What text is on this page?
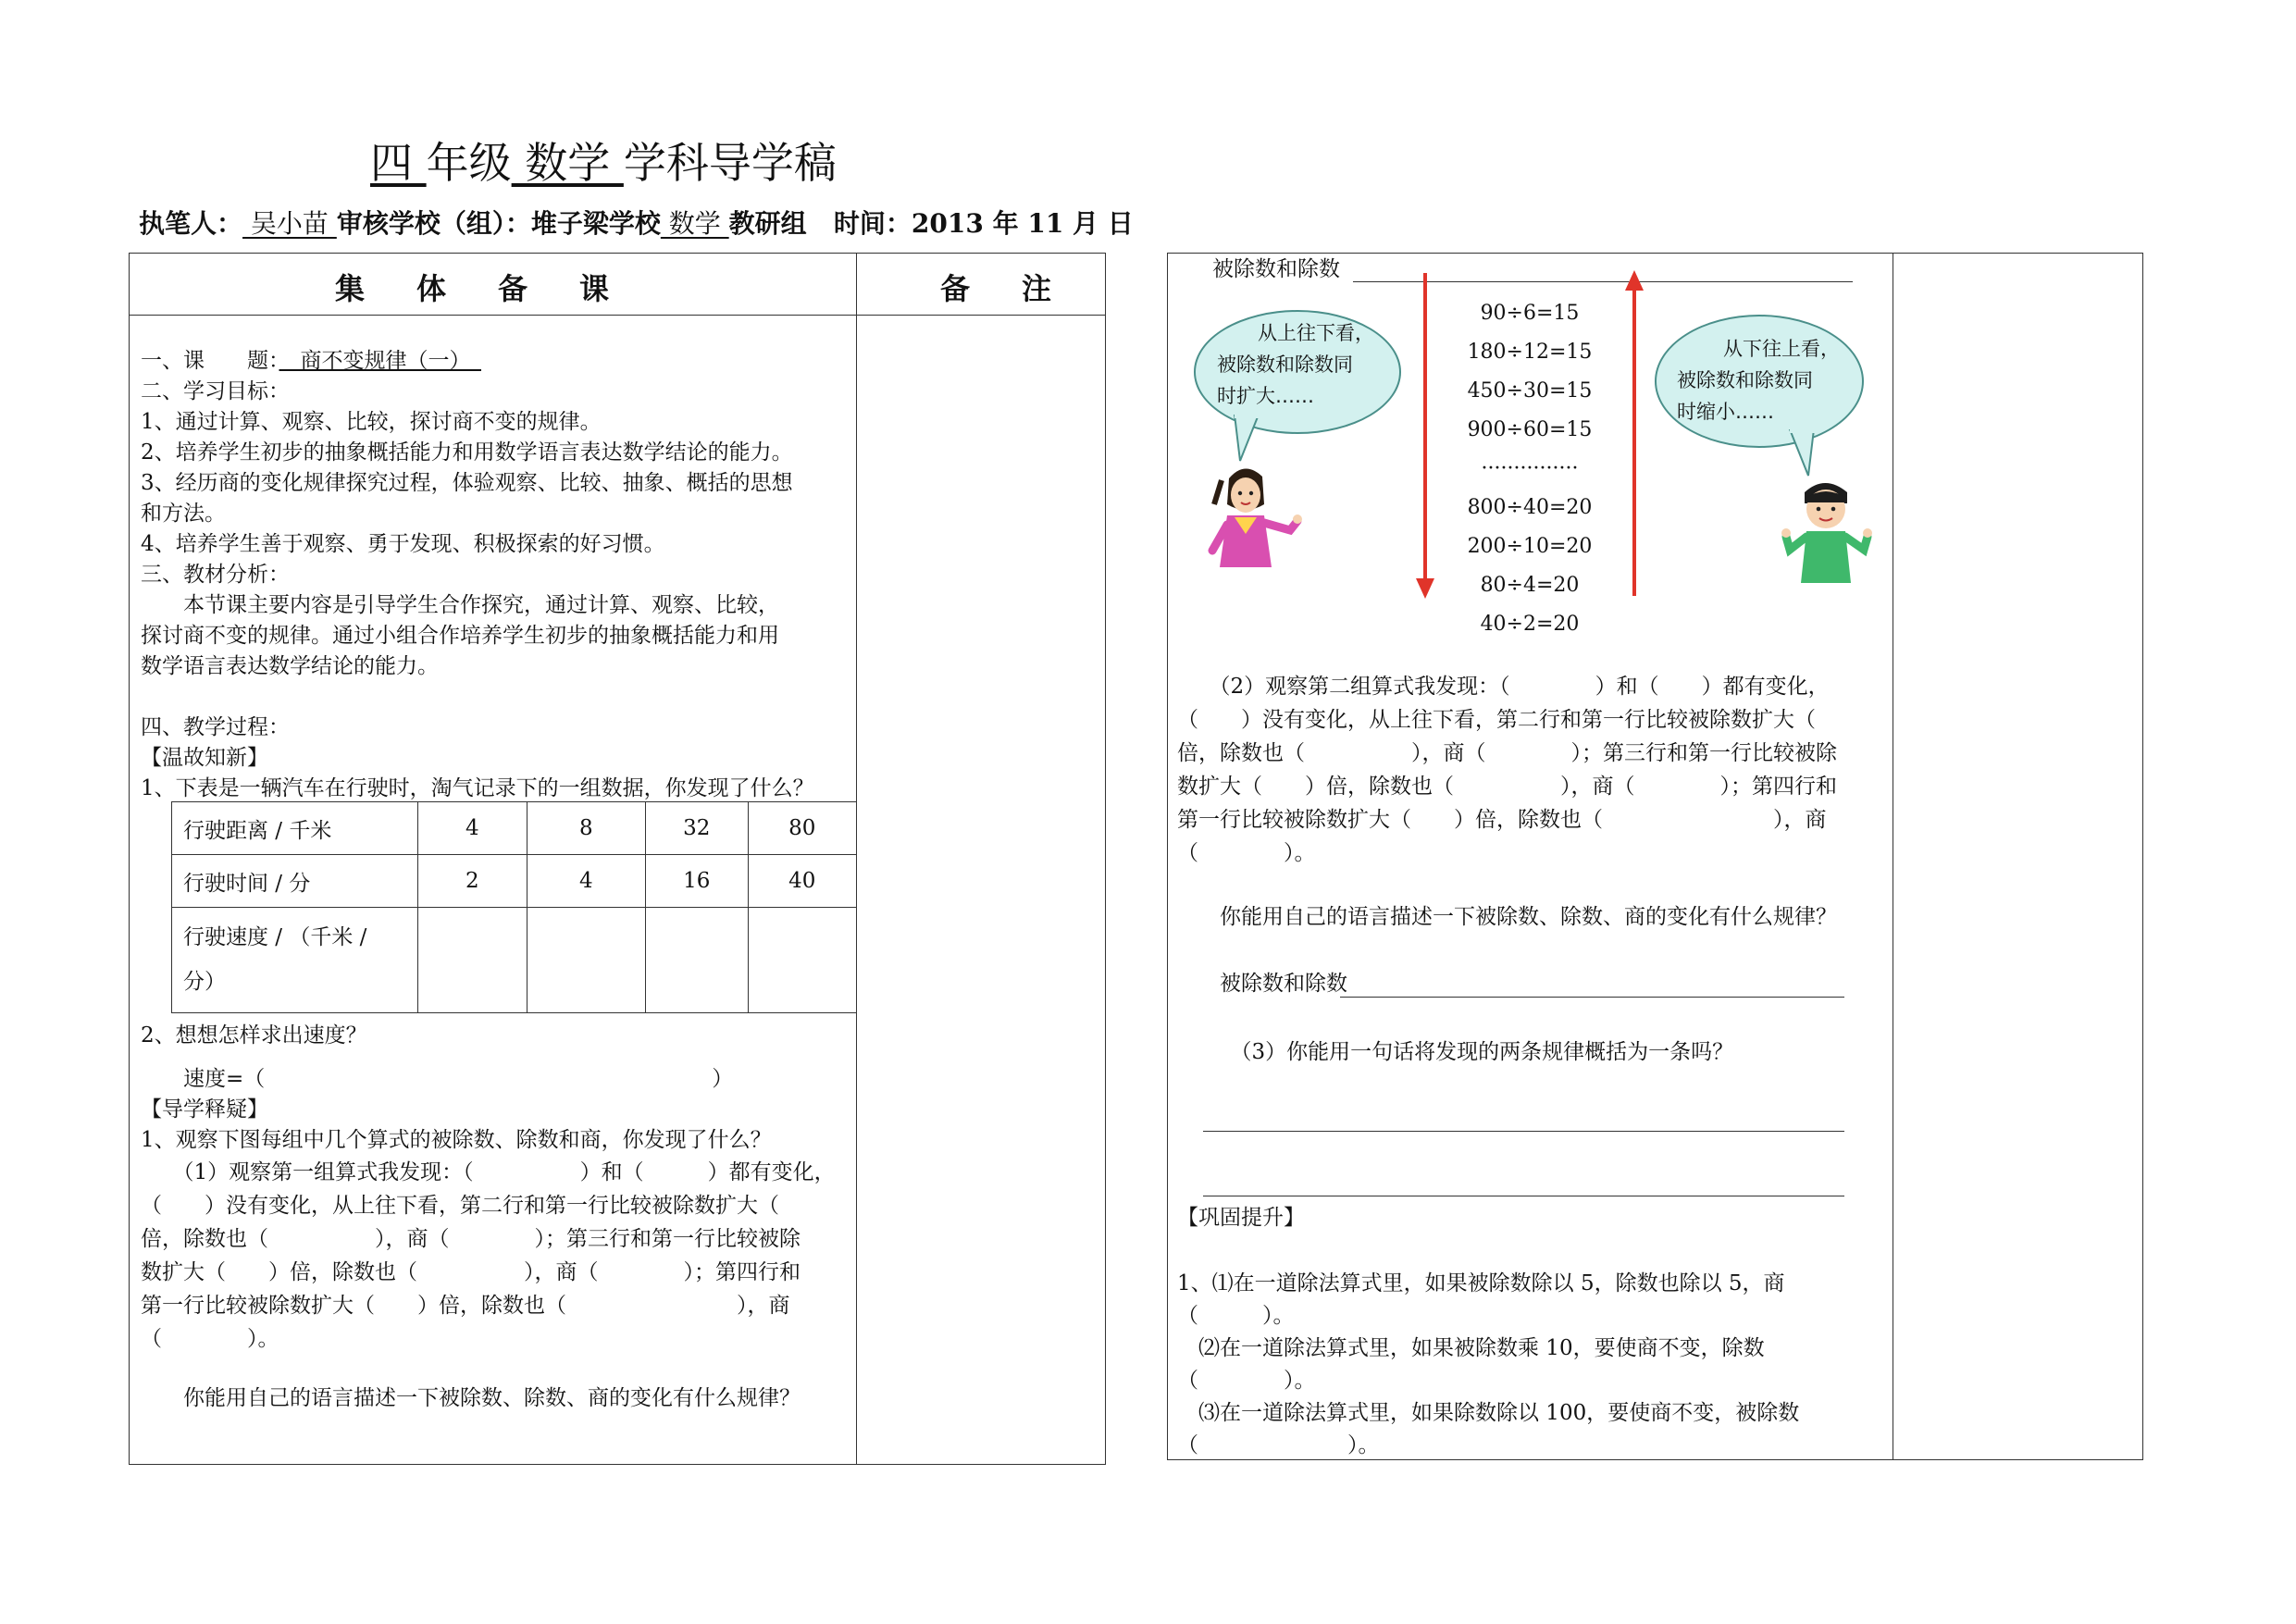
四 年级 数学 学科导学稿
执笔人： 吴小苗 审核学校（组）：堆子梁学校 数学 教研组 时间：2013 年 11 月 日
集体备课	备注
一、课　　题：　商不变规律（一）　
二、学习目标：
1、通过计算、观察、比较，探讨商不变的规律。
2、培养学生初步的抽象概括能力和用数学语言表达数学结论的能力。
3、经历商的变化规律探究过程，体验观察、比较、抽象、概括的思想
和方法。
4、培养学生善于观察、勇于发现、积极探索的好习惯。
三、教材分析：
　　本节课主要内容是引导学生合作探究，通过计算、观察、比较，
探讨商不变的规律。通过小组合作培养学生初步的抽象概括能力和用
数学语言表达数学结论的能力。
四、教学过程：
【温故知新】
1、下表是一辆汽车在行驶时，淘气记录下的一组数据，你发现了什么？
行驶距离 / 千米	4	8	32	80
行驶时间 / 分	2	4	16	40
行驶速度 / （千米 /
分）				
2、想想怎样求出速度？
　　速度=（　　　　　　　　　　　　　　　　　　　　　）
【导学释疑】
1、观察下图每组中几个算式的被除数、除数和商，你发现了什么？
　　（1）观察第一组算式我发现：（　　　　　）和（　　　）都有变化，
（　　）没有变化，从上往下看，第二行和第一行比较被除数扩大（
倍，除数也（　　　　　），商（　　　　）；第三行和第一行比较被除
数扩大（　　）倍，除数也（　　　　　），商（　　　　）；第四行和
第一行比较被除数扩大（　　）倍，除数也（　　　　　　　　），商
（　　　　）。
　　你能用自己的语言描述一下被除数、除数、商的变化有什么规律？
被除数和除数
从上往下看，
被除数和除数同
时扩大……
从下往上看，
被除数和除数同
时缩小……
90÷6=15
180÷12=15
450÷30=15
900÷60=15
···············
800÷40=20
200÷10=20
80÷4=20
40÷2=20
　　（2）观察第二组算式我发现：（　　　　）和（　　）都有变化，
（　　）没有变化，从上往下看，第二行和第一行比较被除数扩大（
倍，除数也（　　　　　），商（　　　　）；第三行和第一行比较被除
数扩大（　　）倍，除数也（　　　　　），商（　　　　）；第四行和
第一行比较被除数扩大（　　）倍，除数也（　　　　　　　　），商
（　　　　）。
　　你能用自己的语言描述一下被除数、除数、商的变化有什么规律？
　　被除数和除数
　　　（3）你能用一句话将发现的两条规律概括为一条吗？
【巩固提升】
1、⑴在一道除法算式里，如果被除数除以 5，除数也除以 5，商
（　　　）。
　⑵在一道除法算式里，如果被除数乘 10，要使商不变，除数
（　　　　）。
　⑶在一道除法算式里，如果除数除以 100，要使商不变，被除数
（　　　　　　　）。
